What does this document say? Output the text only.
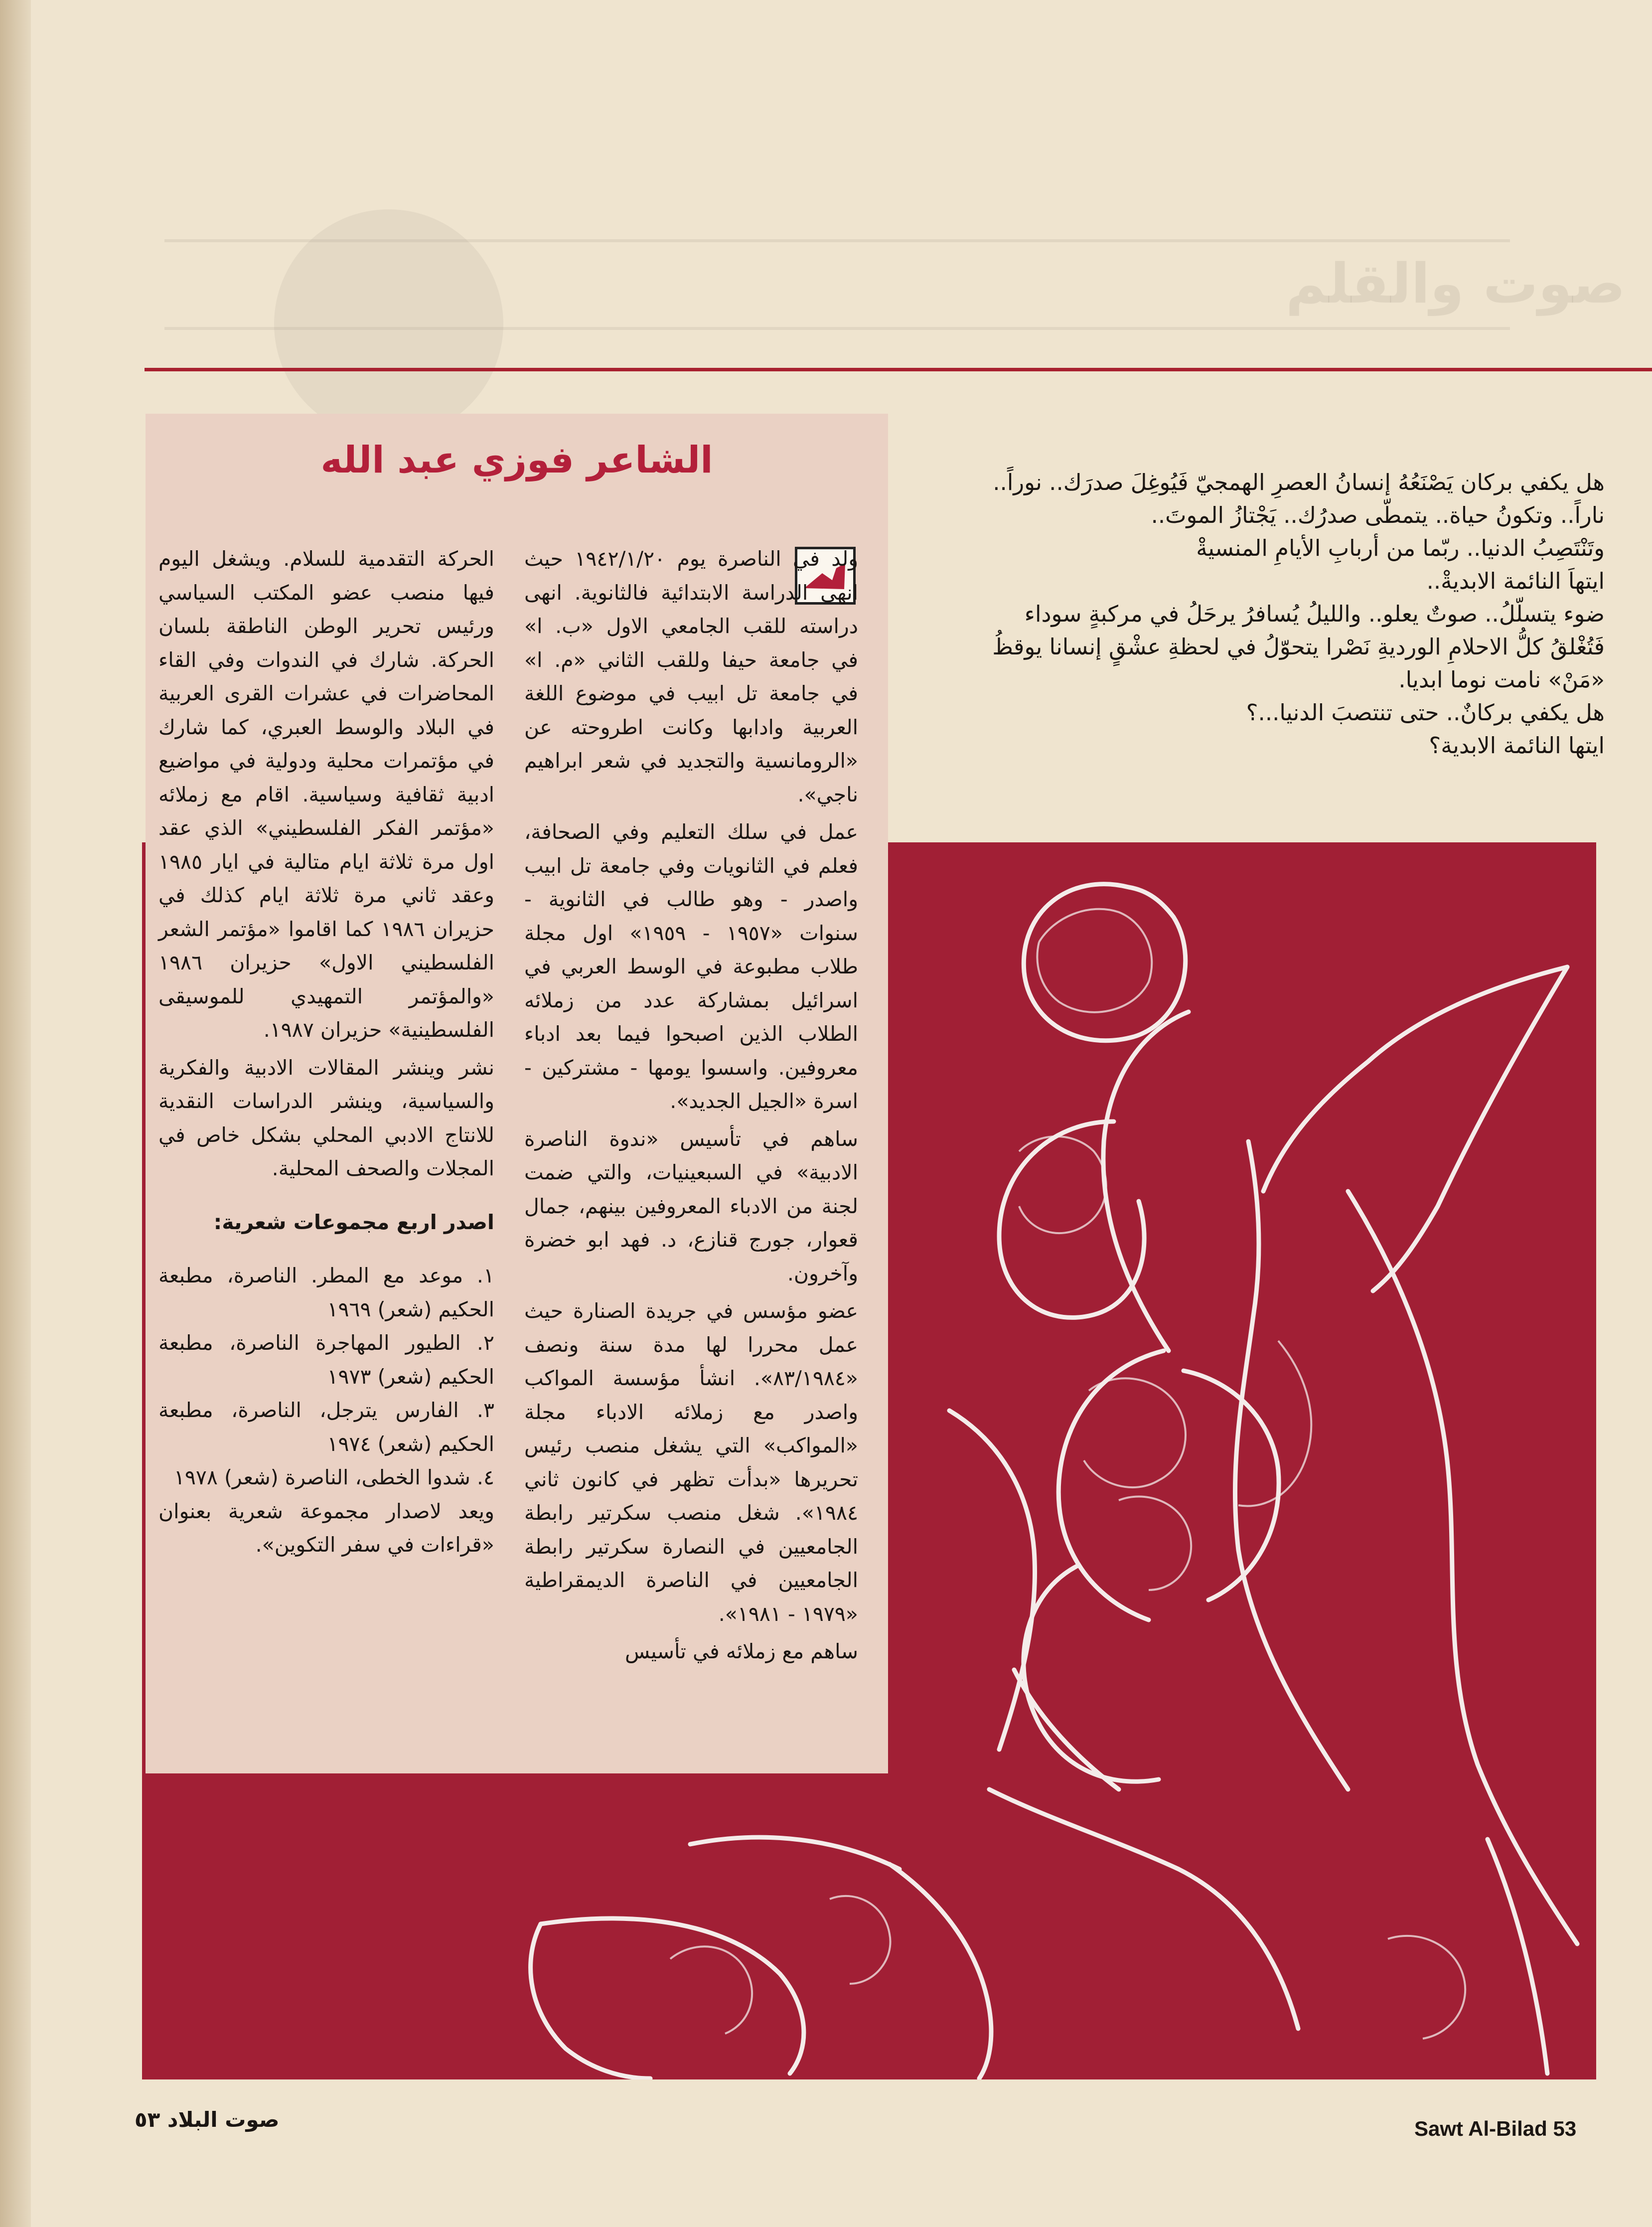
صوت والقلم

هل يكفي بركان يَصْنَعُهُ إنسانُ العصرِ الهمجيّ فَيُوغِلَ صدرَك.. نوراً..

ناراً.. وتكونُ حياة.. يتمطّى صدرُك.. يَجْتازُ الموتَ..

وتَنْتَصِبُ الدنيا.. ربّما من أربابِ الأيامِ المنسيةْ

ايتهاَ النائمة الابديةْ..

ضوء يتسلّلُ.. صوتٌ يعلو.. والليلُ يُسافرُ يرحَلُ في مركبةٍ سوداء

فَتُغْلقُ كلُّ الاحلامِ الورديةِ نَصْرا يتحوّلُ في لحظةِ عشْقٍ إنسانا يوقظُ

«مَنْ» نامت نوما ابديا.

هل يكفي بركانٌ.. حتى تنتصبَ الدنيا...؟

ايتها النائمة الابدية؟

الشاعر فوزي عبد الله

ولد في الناصرة يوم ١٩٤٢/١/٢٠ حيث انهى الدراسة الابتدائية فالثانوية. انهى دراسته للقب الجامعي الاول «ب. ا» في جامعة حيفا وللقب الثاني «م. ا» في جامعة تل ابيب في موضوع اللغة العربية وادابها وكانت اطروحته عن «الرومانسية والتجديد في شعر ابراهيم ناجي».

عمل في سلك التعليم وفي الصحافة، فعلم في الثانويات وفي جامعة تل ابيب واصدر - وهو طالب في الثانوية - سنوات «١٩٥٧ - ١٩٥٩» اول مجلة طلاب مطبوعة في الوسط العربي في اسرائيل بمشاركة عدد من زملائه الطلاب الذين اصبحوا فيما بعد ادباء معروفين. واسسوا يومها - مشتركين - اسرة «الجيل الجديد».

ساهم في تأسيس «ندوة الناصرة الادبية» في السبعينيات، والتي ضمت لجنة من الادباء المعروفين بينهم، جمال قعوار، جورج قنازع، د. فهد ابو خضرة وآخرون.

عضو مؤسس في جريدة الصنارة حيث عمل محررا لها مدة سنة ونصف «٨٣/١٩٨٤». انشأ مؤسسة المواكب واصدر مع زملائه الادباء مجلة «المواكب» التي يشغل منصب رئيس تحريرها «بدأت تظهر في كانون ثاني ١٩٨٤». شغل منصب سكرتير رابطة الجامعيين في النصارة سكرتير رابطة الجامعيين في الناصرة الديمقراطية «١٩٧٩ - ١٩٨١».

ساهم مع زملائه في تأسيس

الحركة التقدمية للسلام. ويشغل اليوم فيها منصب عضو المكتب السياسي ورئيس تحرير الوطن الناطقة بلسان الحركة. شارك في الندوات وفي القاء المحاضرات في عشرات القرى العربية في البلاد والوسط العبري، كما شارك في مؤتمرات محلية ودولية في مواضيع ادبية ثقافية وسياسية. اقام مع زملائه «مؤتمر الفكر الفلسطيني» الذي عقد اول مرة ثلاثة ايام متالية في ايار ١٩٨٥ وعقد ثاني مرة ثلاثة ايام كذلك في حزيران ١٩٨٦ كما اقاموا «مؤتمر الشعر الفلسطيني الاول» حزيران ١٩٨٦ «والمؤتمر التمهيدي للموسيقى الفلسطينية» حزيران ١٩٨٧.

نشر وينشر المقالات الادبية والفكرية والسياسية، وينشر الدراسات النقدية للانتاج الادبي المحلي بشكل خاص في المجلات والصحف المحلية.

اصدر اربع مجموعات شعرية:

١. موعد مع المطر. الناصرة، مطبعة الحكيم (شعر) ١٩٦٩

٢. الطيور المهاجرة الناصرة، مطبعة الحكيم (شعر) ١٩٧٣

٣. الفارس يترجل، الناصرة، مطبعة الحكيم (شعر) ١٩٧٤

٤. شدوا الخطى، الناصرة (شعر) ١٩٧٨

ويعد لاصدار مجموعة شعرية بعنوان «قراءات في سفر التكوين».

صوت البلاد ٥٣	Sawt Al-Bilad 53
